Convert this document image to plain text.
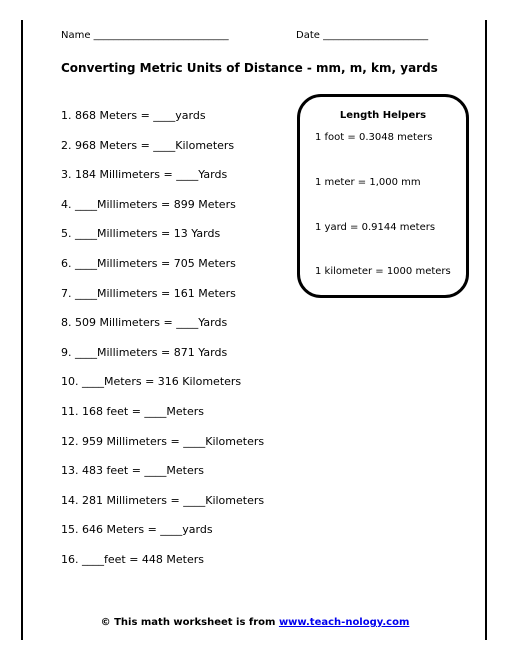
Name ___________________________	Date _____________________
Converting Metric Units of Distance - mm, m, km, yards
1. 868 Meters = ____yards
2. 968 Meters = ____Kilometers
3. 184 Millimeters = ____Yards
4. ____Millimeters = 899 Meters
5. ____Millimeters = 13 Yards
6. ____Millimeters = 705 Meters
7. ____Millimeters = 161 Meters
8. 509 Millimeters = ____Yards
9. ____Millimeters = 871 Yards
10. ____Meters = 316 Kilometers
11. 168 feet = ____Meters
12. 959 Millimeters = ____Kilometers
13. 483 feet = ____Meters
14. 281 Millimeters = ____Kilometers
15. 646 Meters = ____yards
16. ____feet = 448 Meters
Length Helpers
1 foot = 0.3048 meters
1 meter = 1,000 mm
1 yard = 0.9144 meters
1 kilometer = 1000 meters
© This math worksheet is from www.teach-nology.com
